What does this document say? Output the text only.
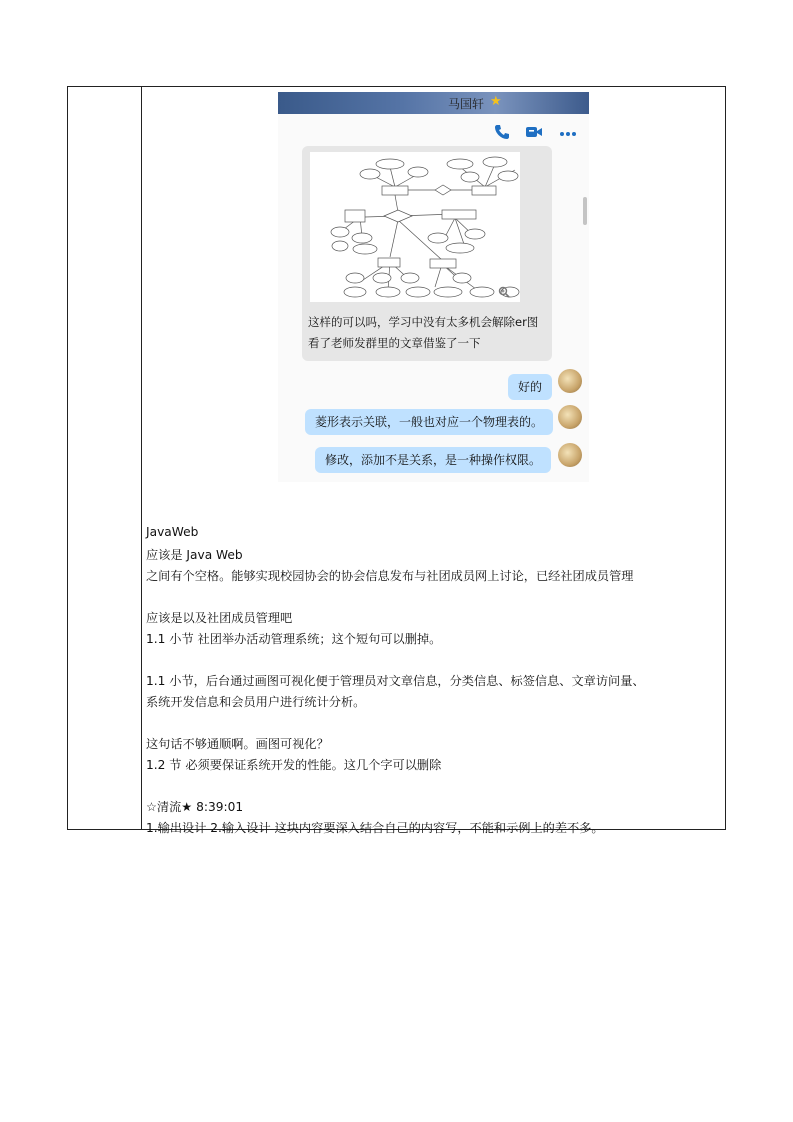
马国轩 ★
这样的可以吗，学习中没有太多机会解除er图
看了老师发群里的文章借鉴了一下
好的
菱形表示关联，一般也对应一个物理表的。
修改，添加不是关系，是一种操作权限。
JavaWeb
应该是 Java Web
之间有个空格。能够实现校园协会的协会信息发布与社团成员网上讨论，已经社团成员管理
应该是以及社团成员管理吧
1.1 小节 社团举办活动管理系统；这个短句可以删掉。
1.1 小节，后台通过画图可视化便于管理员对文章信息，分类信息、标签信息、文章访问量、
系统开发信息和会员用户进行统计分析。
这句话不够通顺啊。画图可视化？
1.2 节 必须要保证系统开发的性能。这几个字可以删除
☆清流★ 8:39:01
1.输出设计 2.输入设计 这块内容要深入结合自己的内容写，不能和示例上的差不多。
